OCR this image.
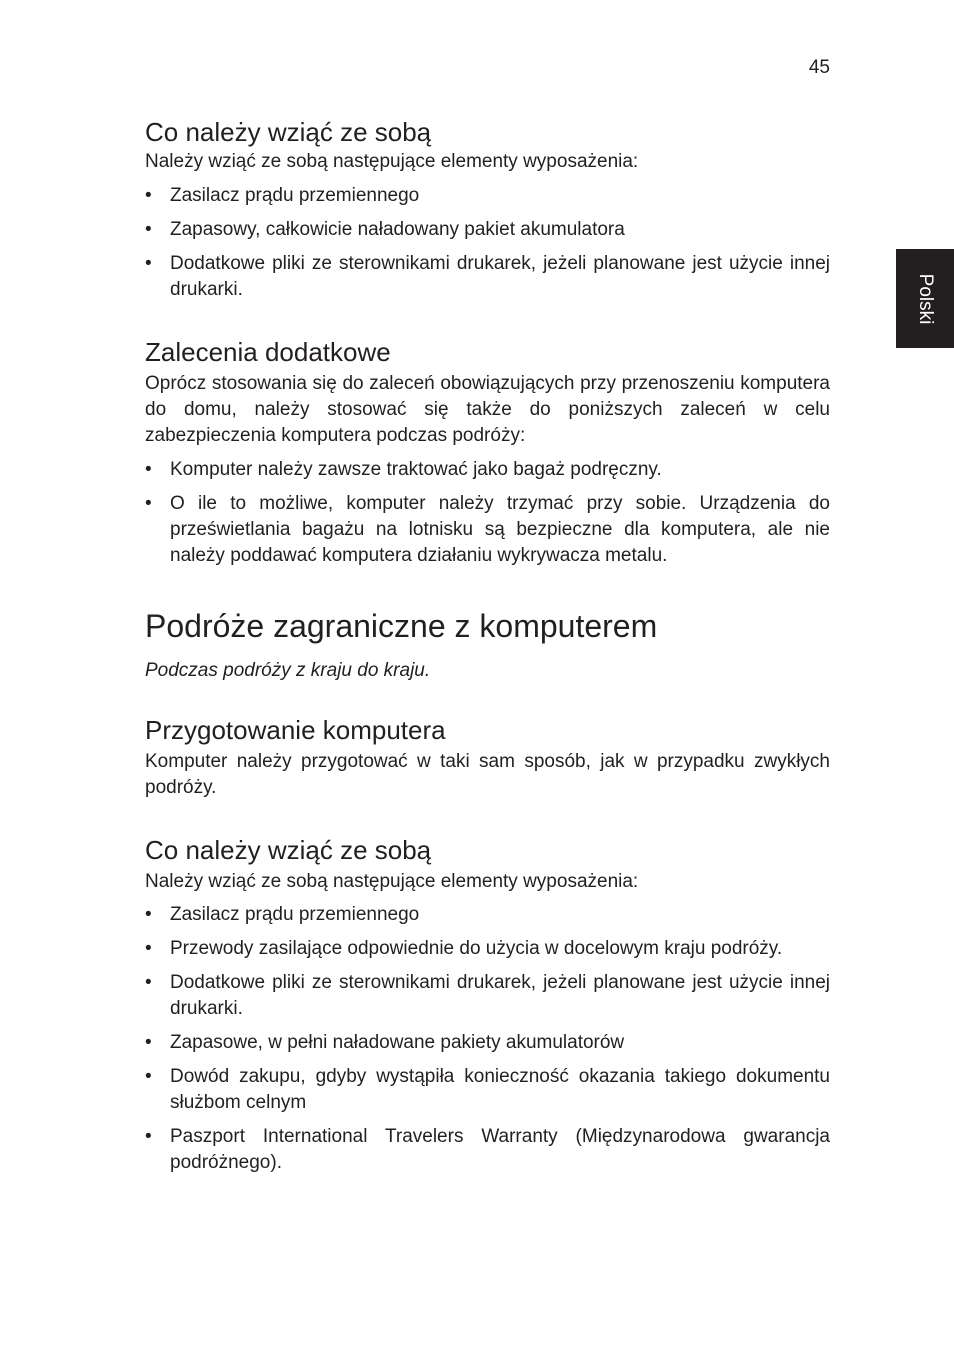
45
Polski
Co należy wziąć ze sobą

Należy wziąć ze sobą następujące elementy wyposażenia:

• Zasilacz prądu przemiennego
• Zapasowy, całkowicie naładowany pakiet akumulatora
• Dodatkowe pliki ze sterownikami drukarek, jeżeli planowane jest użycie innej drukarki.
Zalecenia dodatkowe

Oprócz stosowania się do zaleceń obowiązujących przy przenoszeniu komputera do domu, należy stosować się także do poniższych zaleceń w celu zabezpieczenia komputera podczas podróży:

• Komputer należy zawsze traktować jako bagaż podręczny.
• O ile to możliwe, komputer należy trzymać przy sobie. Urządzenia do prześwietlania bagażu na lotnisku są bezpieczne dla komputera, ale nie należy poddawać komputera działaniu wykrywacza metalu.
Podróże zagraniczne z komputerem

Podczas podróży z kraju do kraju.

Przygotowanie komputera

Komputer należy przygotować w taki sam sposób, jak w przypadku zwykłych podróży.

Co należy wziąć ze sobą

Należy wziąć ze sobą następujące elementy wyposażenia:

• Zasilacz prądu przemiennego
• Przewody zasilające odpowiednie do użycia w docelowym kraju podróży.
• Dodatkowe pliki ze sterownikami drukarek, jeżeli planowane jest użycie innej drukarki.
• Zapasowe, w pełni naładowane pakiety akumulatorów
• Dowód zakupu, gdyby wystąpiła konieczność okazania takiego dokumentu służbom celnym
• Paszport International Travelers Warranty (Międzynarodowa gwarancja podróżnego).
